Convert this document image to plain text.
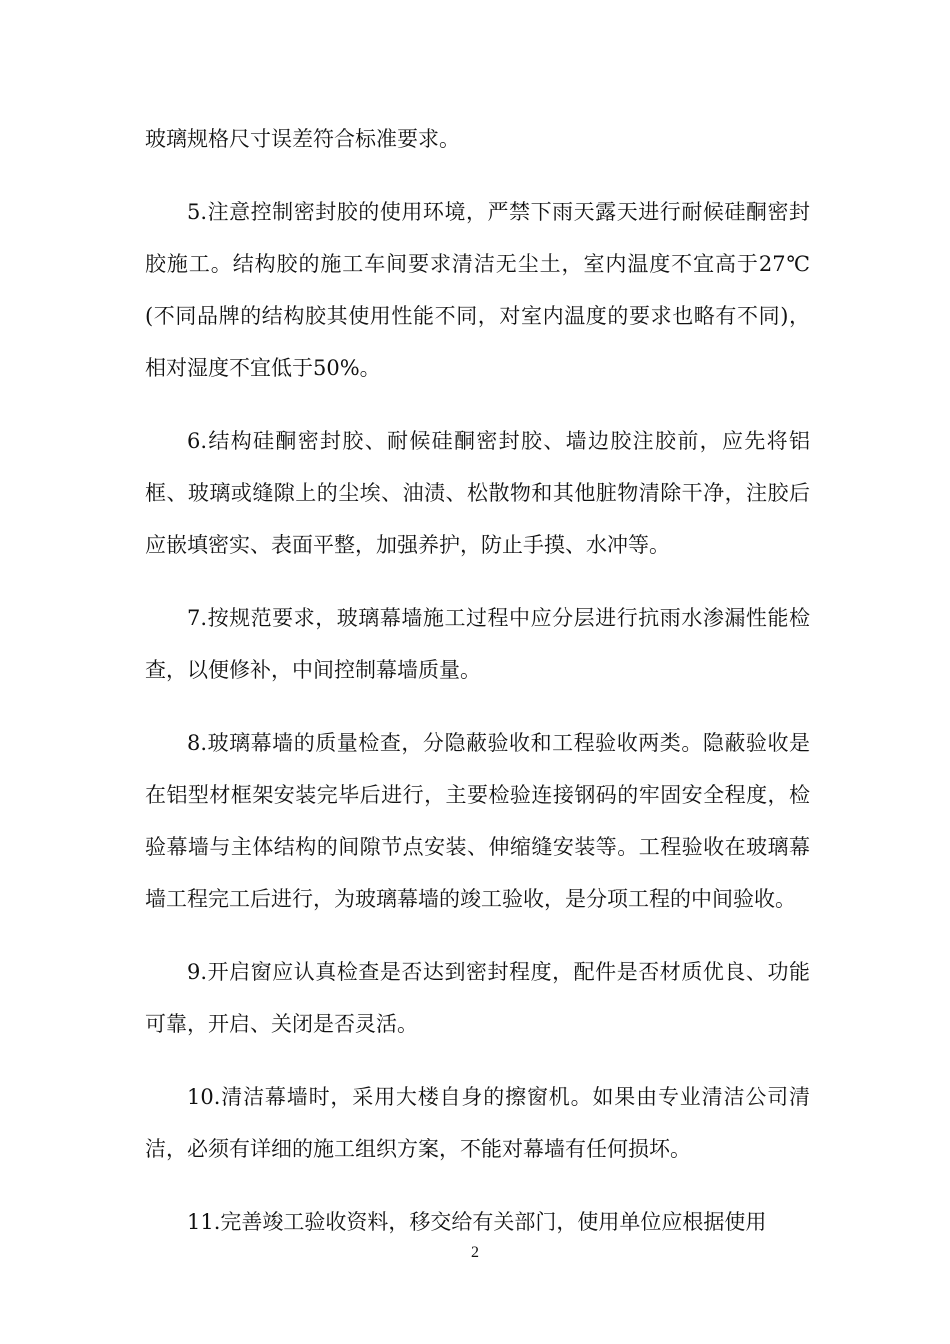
玻璃规格尺寸误差符合标准要求。

5.注意控制密封胶的使用环境，严禁下雨天露天进行耐候硅酮密封胶施工。结构胶的施工车间要求清洁无尘土，室内温度不宜高于27℃(不同品牌的结构胶其使用性能不同，对室内温度的要求也略有不同)，相对湿度不宜低于50%。

6.结构硅酮密封胶、耐候硅酮密封胶、墙边胶注胶前，应先将铝框、玻璃或缝隙上的尘埃、油渍、松散物和其他脏物清除干净，注胶后应嵌填密实、表面平整，加强养护，防止手摸、水冲等。

7.按规范要求，玻璃幕墙施工过程中应分层进行抗雨水渗漏性能检查，以便修补，中间控制幕墙质量。

8.玻璃幕墙的质量检查，分隐蔽验收和工程验收两类。隐蔽验收是在铝型材框架安装完毕后进行，主要检验连接钢码的牢固安全程度，检验幕墙与主体结构的间隙节点安装、伸缩缝安装等。工程验收在玻璃幕墙工程完工后进行，为玻璃幕墙的竣工验收，是分项工程的中间验收。

9.开启窗应认真检查是否达到密封程度，配件是否材质优良、功能可靠，开启、关闭是否灵活。

10.清洁幕墙时，采用大楼自身的擦窗机。如果由专业清洁公司清洁，必须有详细的施工组织方案，不能对幕墙有任何损坏。

11.完善竣工验收资料，移交给有关部门，使用单位应根据使用

2
